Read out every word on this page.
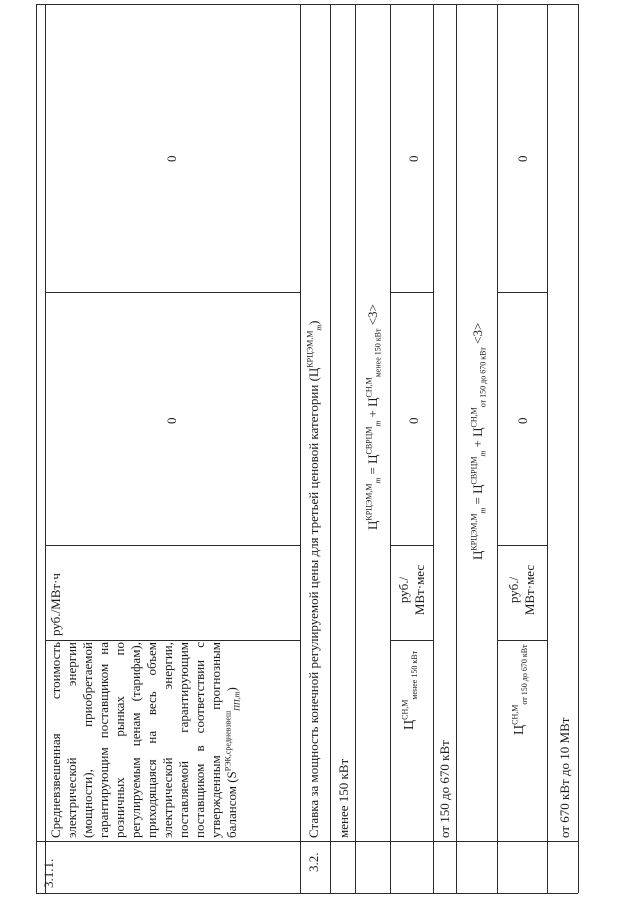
3.1.1.
Средневзвешенная стоимость электрической энергии (мощности), приобретаемой гарантирующим поставщиком на розничных рынках по регулируемым ценам (тарифам), приходящаяся на весь объем электрической энергии, поставляемой гарантирующим поставщиком в соответствии с утвержденным прогнозным балансом $(S^{РЭК,средневзвеш}_{ПП,m})$
руб./МВт·ч
0
0
3.2.
Ставка за мощность конечной регулируемой цены для третьей ценовой категории $(Ц^{КРЦЭМ,М}_m)$
менее 150 кВт
$Ц^{КРЦЭМ,М}_m = Ц^{СВРЦМ}_m + Ц^{СН,М}_{менее 150 кВт} <3>$
$Ц^{СН,М}_{менее 150 кВт}$
руб./ МВт·мес
0
0
от 150 до 670 кВт
$Ц^{КРЦЭМ,М}_m = Ц^{СВРЦМ}_m + Ц^{СН,М}_{от 150 до 670 кВт} <3>$
$Ц^{СН,М}_{от 150 до 670 кВт}$
руб./ МВт·мес
0
0
от 670 кВт до 10 МВт
